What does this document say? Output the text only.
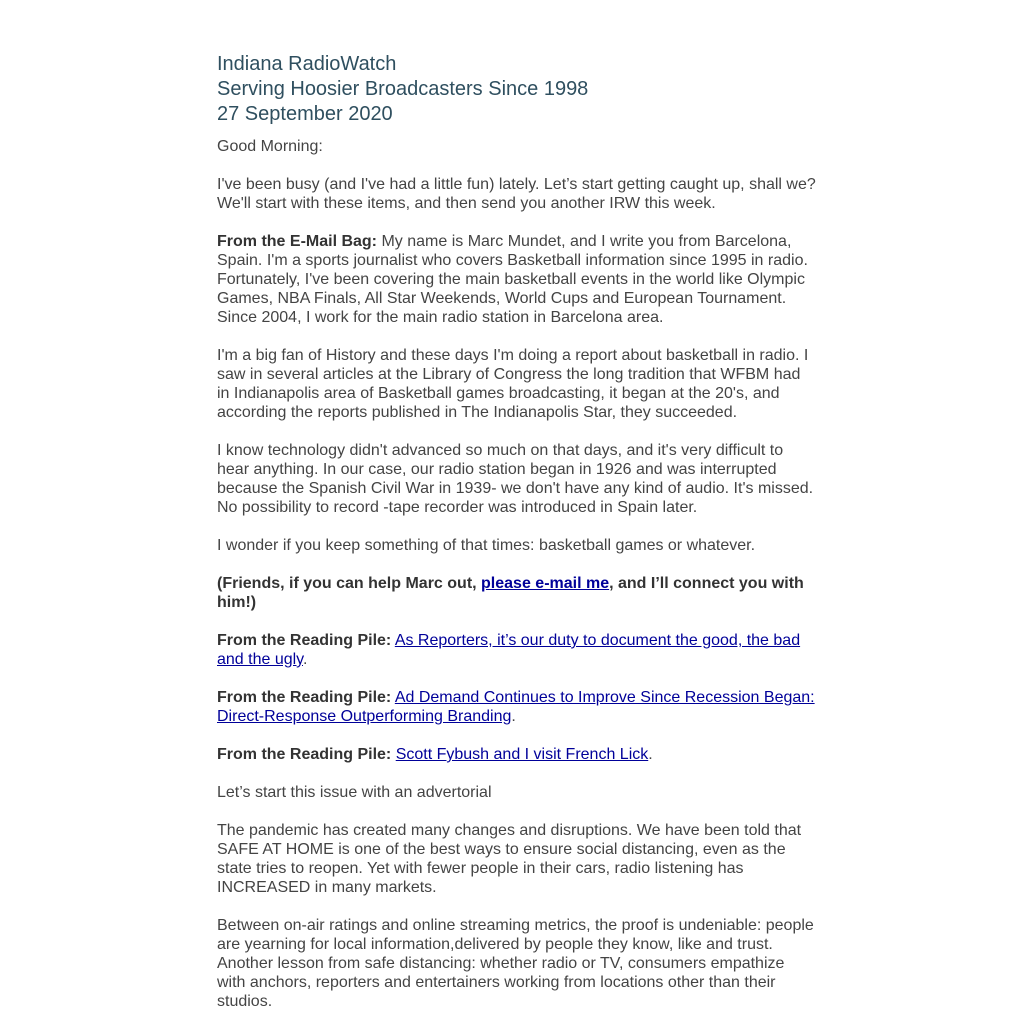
Indiana RadioWatch
Serving Hoosier Broadcasters Since 1998
27 September 2020

Good Morning:

I've been busy (and I've had a little fun) lately. Let’s start getting caught up, shall we? We'll start with these items, and then send you another IRW this week.

From the E-Mail Bag: My name is Marc Mundet, and I write you from Barcelona, Spain. I'm a sports journalist who covers Basketball information since 1995 in radio. Fortunately, I've been covering the main basketball events in the world like Olympic Games, NBA Finals, All Star Weekends, World Cups and European Tournament. Since 2004, I work for the main radio station in Barcelona area.

I'm a big fan of History and these days I'm doing a report about basketball in radio. I saw in several articles at the Library of Congress the long tradition that WFBM had in Indianapolis area of Basketball games broadcasting, it began at the 20's, and according the reports published in The Indianapolis Star, they succeeded.

I know technology didn't advanced so much on that days, and it's very difficult to hear anything. In our case, our radio station began in 1926 and was interrupted because the Spanish Civil War in 1939- we don't have any kind of audio. It's missed. No possibility to record -tape recorder was introduced in Spain later.

I wonder if you keep something of that times: basketball games or whatever.

(Friends, if you can help Marc out, please e-mail me, and I’ll connect you with him!)

From the Reading Pile: As Reporters, it’s our duty to document the good, the bad and the ugly.

From the Reading Pile: Ad Demand Continues to Improve Since Recession Began: Direct-Response Outperforming Branding.

From the Reading Pile: Scott Fybush and I visit French Lick.

Let’s start this issue with an advertorial

The pandemic has created many changes and disruptions. We have been told that SAFE AT HOME is one of the best ways to ensure social distancing, even as the state tries to reopen. Yet with fewer people in their cars, radio listening has INCREASED in many markets.

Between on-air ratings and online streaming metrics, the proof is undeniable: people are yearning for local information,delivered by people they know, like and trust. Another lesson from safe distancing: whether radio or TV, consumers empathize with anchors, reporters and entertainers working from locations other than their studios.
